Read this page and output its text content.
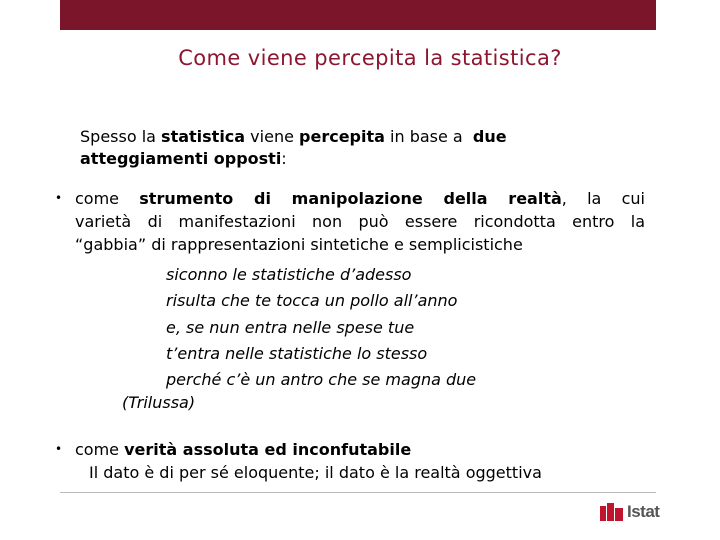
Come viene percepita la statistica?
Spesso la statistica viene percepita in base a  due
atteggiamenti opposti:
• come strumento di manipolazione della realtà, la cui
varietà di manifestazioni non può essere ricondotta entro la
“gabbia” di rappresentazioni sintetiche e semplicistiche
siconno le statistiche d’adesso
risulta che te tocca un pollo all’anno
e, se nun entra nelle spese tue
t’entra nelle statistiche lo stesso
perché c’è un antro che se magna due
(Trilussa)
• come verità assoluta ed inconfutabile
Il dato è di per sé eloquente; il dato è la realtà oggettiva
Istat
